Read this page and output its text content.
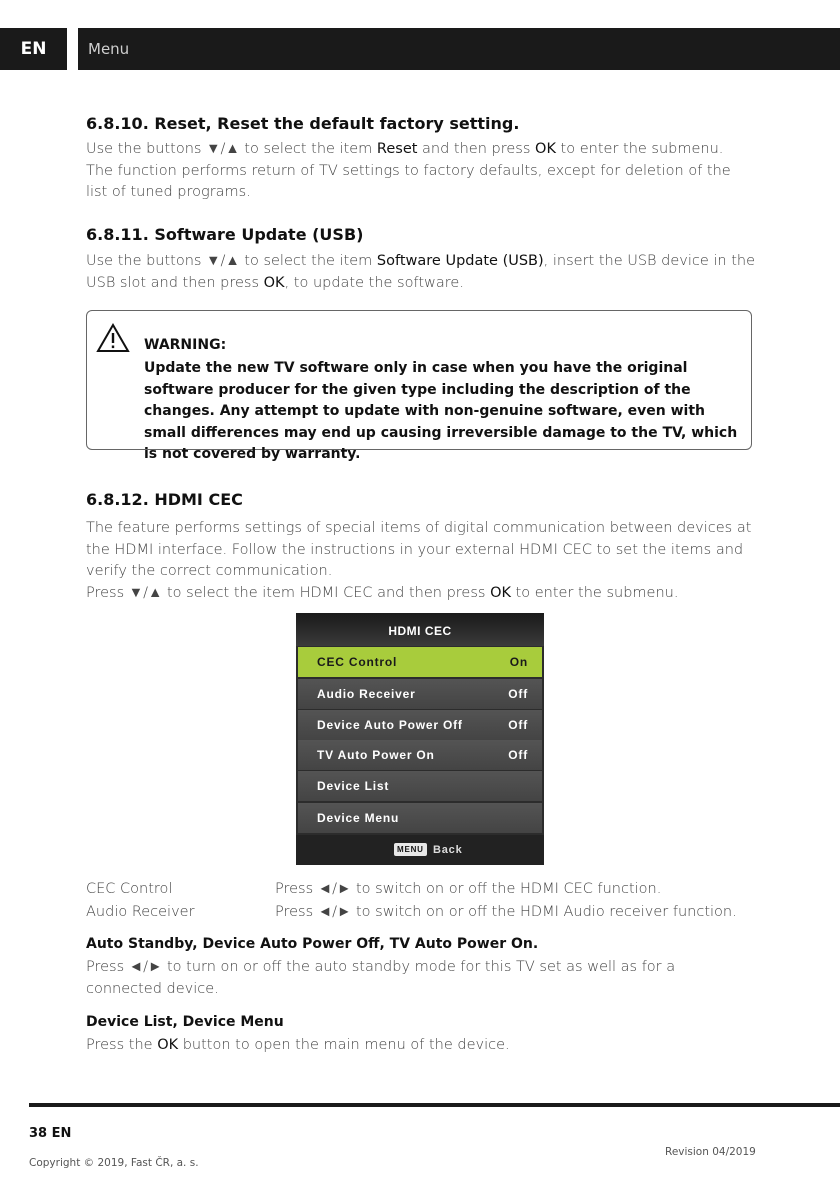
EN	Menu
6.8.10. Reset, Reset the default factory setting.
Use the buttons ▼/▲ to select the item Reset and then press OK to enter the submenu.
The function performs return of TV settings to factory defaults, except for deletion of the list of tuned programs.
6.8.11. Software Update (USB)
Use the buttons ▼/▲ to select the item Software Update (USB), insert the USB device in the USB slot and then press OK, to update the software.
WARNING:
Update the new TV software only in case when you have the original software producer for the given type including the description of the changes. Any attempt to update with non-genuine software, even with small differences may end up causing irreversible damage to the TV, which is not covered by warranty.
6.8.12. HDMI CEC
The feature performs settings of special items of digital communication between devices at the HDMI interface. Follow the instructions in your external HDMI CEC to set the items and verify the correct communication.
Press ▼/▲ to select the item HDMI CEC and then press OK to enter the submenu.
HDMI CEC
CEC Control	On
Audio Receiver	Off
Device Auto Power Off	Off
TV Auto Power On	Off
Device List
Device Menu
MENU Back
CEC Control	Press ◄/► to switch on or off the HDMI CEC function.
Audio Receiver	Press ◄/► to switch on or off the HDMI Audio receiver function.
Auto Standby, Device Auto Power Off, TV Auto Power On.
Press ◄/► to turn on or off the auto standby mode for this TV set as well as for a connected device.
Device List, Device Menu
Press the OK button to open the main menu of the device.
38 EN
Copyright © 2019, Fast ČR, a. s.
Revision 04/2019
